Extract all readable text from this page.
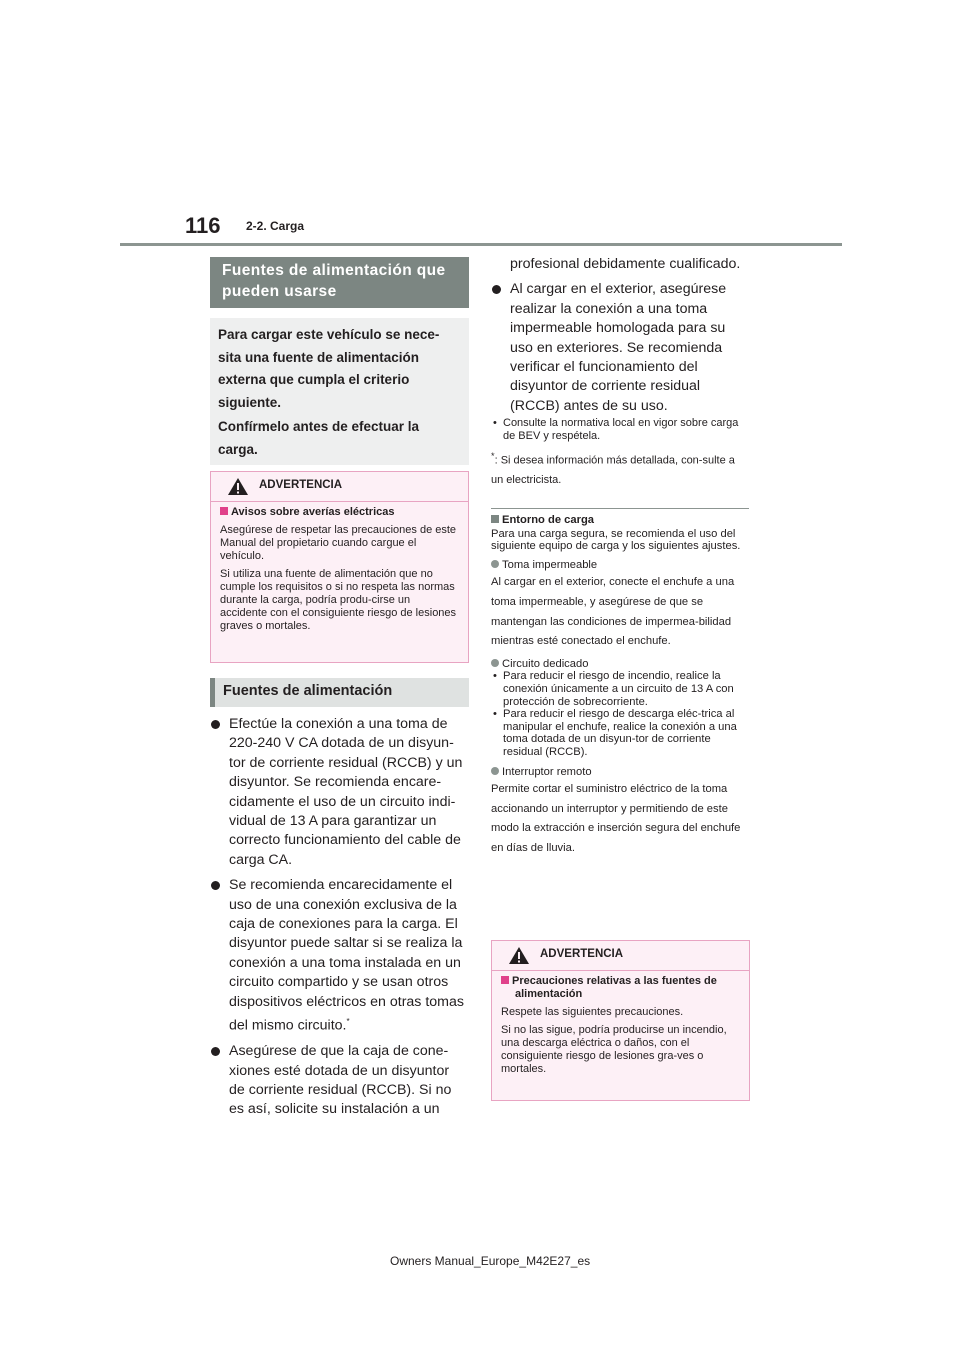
116 2-2. Carga
Fuentes de alimentación que pueden usarse

Para cargar este vehículo se nece-sita una fuente de alimentación externa que cumpla el criterio siguiente.

Confírmelo antes de efectuar la carga.

ADVERTENCIA

Avisos sobre averías eléctricas

Asegúrese de respetar las precauciones de este Manual del propietario cuando cargue el vehículo.

Si utiliza una fuente de alimentación que no cumple los requisitos o si no respeta las normas durante la carga, podría produ-cirse un accidente con el consiguiente riesgo de lesiones graves o mortales.

Fuentes de alimentación
Efectúe la conexión a una toma de 220-240 V CA dotada de un disyun-tor de corriente residual (RCCB) y un disyuntor. Se recomienda encare-cidamente el uso de un circuito indi-vidual de 13 A para garantizar un correcto funcionamiento del cable de carga CA.
Se recomienda encarecidamente el uso de una conexión exclusiva de la caja de conexiones para la carga. El disyuntor puede saltar si se realiza la conexión a una toma instalada en un circuito compartido y se usan otros dispositivos eléctricos en otras tomas del mismo circuito.*
Asegúrese de que la caja de cone-xiones esté dotada de un disyuntor de corriente residual (RCCB). Si no es así, solicite su instalación a un
profesional debidamente cualificado.
Al cargar en el exterior, asegúrese realizar la conexión a una toma impermeable homologada para su uso en exteriores. Se recomienda verificar el funcionamiento del disyuntor de corriente residual (RCCB) antes de su uso.

• Consulte la normativa local en vigor sobre carga de BEV y respétela.

*: Si desea información más detallada, con-sulte a un electricista.

Entorno de carga
Para una carga segura, se recomienda el uso del siguiente equipo de carga y los siguientes ajustes.
Toma impermeable
Al cargar en el exterior, conecte el enchufe a una toma impermeable, y asegúrese de que se mantengan las condiciones de impermea-bilidad mientras esté conectado el enchufe.
Circuito dedicado
• Para reducir el riesgo de incendio, realice la conexión únicamente a un circuito de 13 A con protección de sobrecorriente.
• Para reducir el riesgo de descarga eléc-trica al manipular el enchufe, realice la conexión a una toma dotada de un disyun-tor de corriente residual (RCCB).
Interruptor remoto
Permite cortar el suministro eléctrico de la toma accionando un interruptor y permitiendo de este modo la extracción e inserción segura del enchufe en días de lluvia.
ADVERTENCIA

Precauciones relativas a las fuentes de alimentación

Respete las siguientes precauciones.

Si no las sigue, podría producirse un incendio, una descarga eléctrica o daños, con el consiguiente riesgo de lesiones gra-ves o mortales.

Owners Manual_Europe_M42E27_es
